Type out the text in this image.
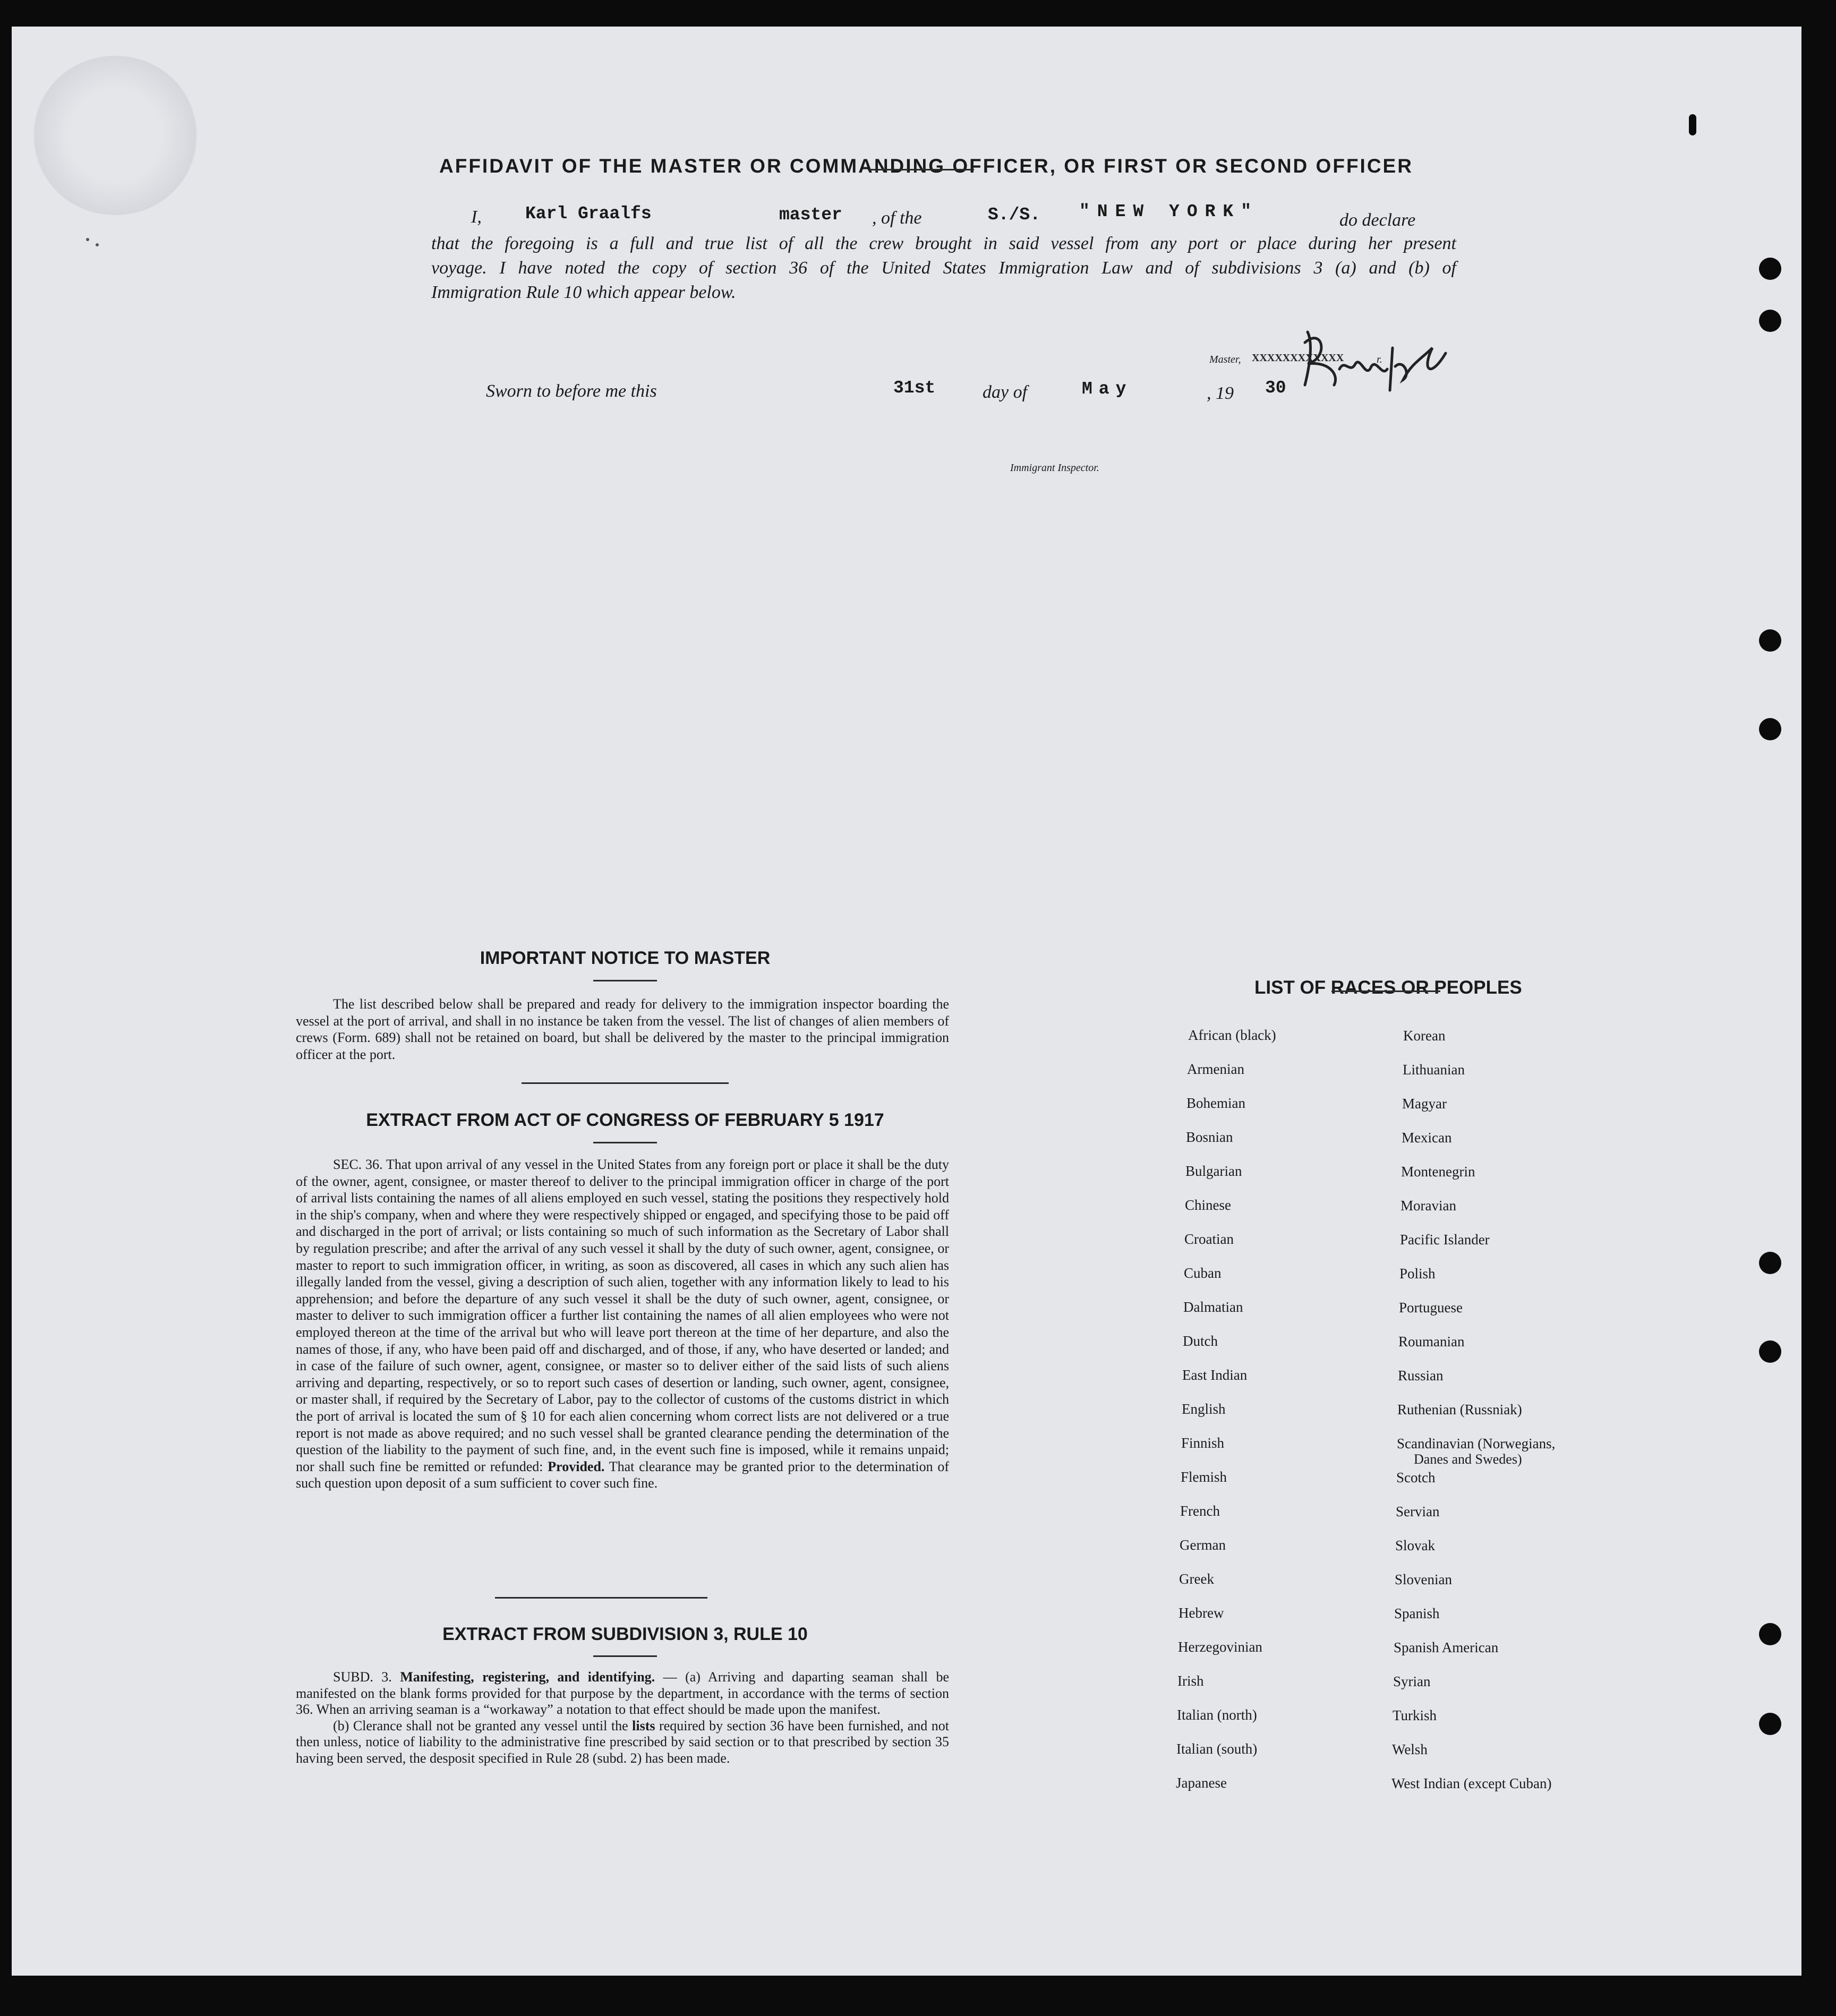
AFFIDAVIT OF THE MASTER OR COMMANDING OFFICER, OR FIRST OR SECOND OFFICER
I, Karl Graalfs	master , of the	S./S. "NEW YORK"	do declare
that the foregoing is a full and true list of all the crew brought in said vessel from any port or place during her present
voyage. I have noted the copy of section 36 of the United States Immigration Law and of subdivisions 3 (a) and (b) of
Immigration Rule 10 which appear below.
Master, XXXXXXXXXXXX	r.
Sworn to before me this	31st	day of	May	, 19 30
Immigrant Inspector.
IMPORTANT NOTICE TO MASTER

The list described below shall be prepared and ready for delivery to the immigration inspector boarding the vessel at the port of arrival, and shall in no instance be taken from the vessel. The list of changes of alien members of crews (Form. 689) shall not be retained on board, but shall be delivered by the master to the principal immigration officer at the port.

EXTRACT FROM ACT OF CONGRESS OF FEBRUARY 5 1917

SEC. 36. That upon arrival of any vessel in the United States from any foreign port or place it shall be the duty of the owner, agent, consignee, or master thereof to deliver to the principal immigration officer in charge of the port of arrival lists containing the names of all aliens employed en such vessel, stating the positions they respectively hold in the ship's company, when and where they were respectively shipped or engaged, and specifying those to be paid off and discharged in the port of arrival; or lists containing so much of such information as the Secretary of Labor shall by regulation prescribe; and after the arrival of any such vessel it shall by the duty of such owner, agent, consignee, or master to report to such immigration officer, in writing, as soon as discovered, all cases in which any such alien has illegally landed from the vessel, giving a description of such alien, together with any information likely to lead to his apprehension; and before the departure of any such vessel it shall be the duty of such owner, agent, consignee, or master to deliver to such immigration officer a further list containing the names of all alien employees who were not employed thereon at the time of the arrival but who will leave port thereon at the time of her departure, and also the names of those, if any, who have been paid off and discharged, and of those, if any, who have deserted or landed; and in case of the failure of such owner, agent, consignee, or master so to deliver either of the said lists of such aliens arriving and departing, respectively, or so to report such cases of desertion or landing, such owner, agent, consignee, or master shall, if required by the Secretary of Labor, pay to the collector of customs of the customs district in which the port of arrival is located the sum of § 10 for each alien concerning whom correct lists are not delivered or a true report is not made as above required; and no such vessel shall be granted clearance pending the determination of the question of the liability to the payment of such fine, and, in the event such fine is imposed, while it remains unpaid; nor shall such fine be remitted or refunded: Provided. That clearance may be granted prior to the determination of such question upon deposit of a sum sufficient to cover such fine.

EXTRACT FROM SUBDIVISION 3, RULE 10

SUBD. 3. Manifesting, registering, and identifying. — (a) Arriving and daparting seaman shall be manifested on the blank forms provided for that purpose by the department, in accordance with the terms of section 36. When an arriving seaman is a “workaway” a notation to that effect should be made upon the manifest.

(b) Clerance shall not be granted any vessel until the lists required by section 36 have been furnished, and not then unless, notice of liability to the administrative fine prescribed by said section or to that prescribed by section 35 having been served, the desposit specified in Rule 28 (subd. 2) has been made.

LIST OF RACES OR PEOPLES
African (black)
Armenian
Bohemian
Bosnian
Bulgarian
Chinese
Croatian
Cuban
Dalmatian
Dutch
East Indian
English
Finnish
Flemish
French
German
Greek
Hebrew
Herzegovinian
Irish
Italian (north)
Italian (south)
Japanese
Korean
Lithuanian
Magyar
Mexican
Montenegrin
Moravian
Pacific Islander
Polish
Portuguese
Roumanian
Russian
Ruthenian (Russniak)
Scandinavian (Norwegians,
Danes and Swedes)
Scotch
Servian
Slovak
Slovenian
Spanish
Spanish American
Syrian
Turkish
Welsh
West Indian (except Cuban)
